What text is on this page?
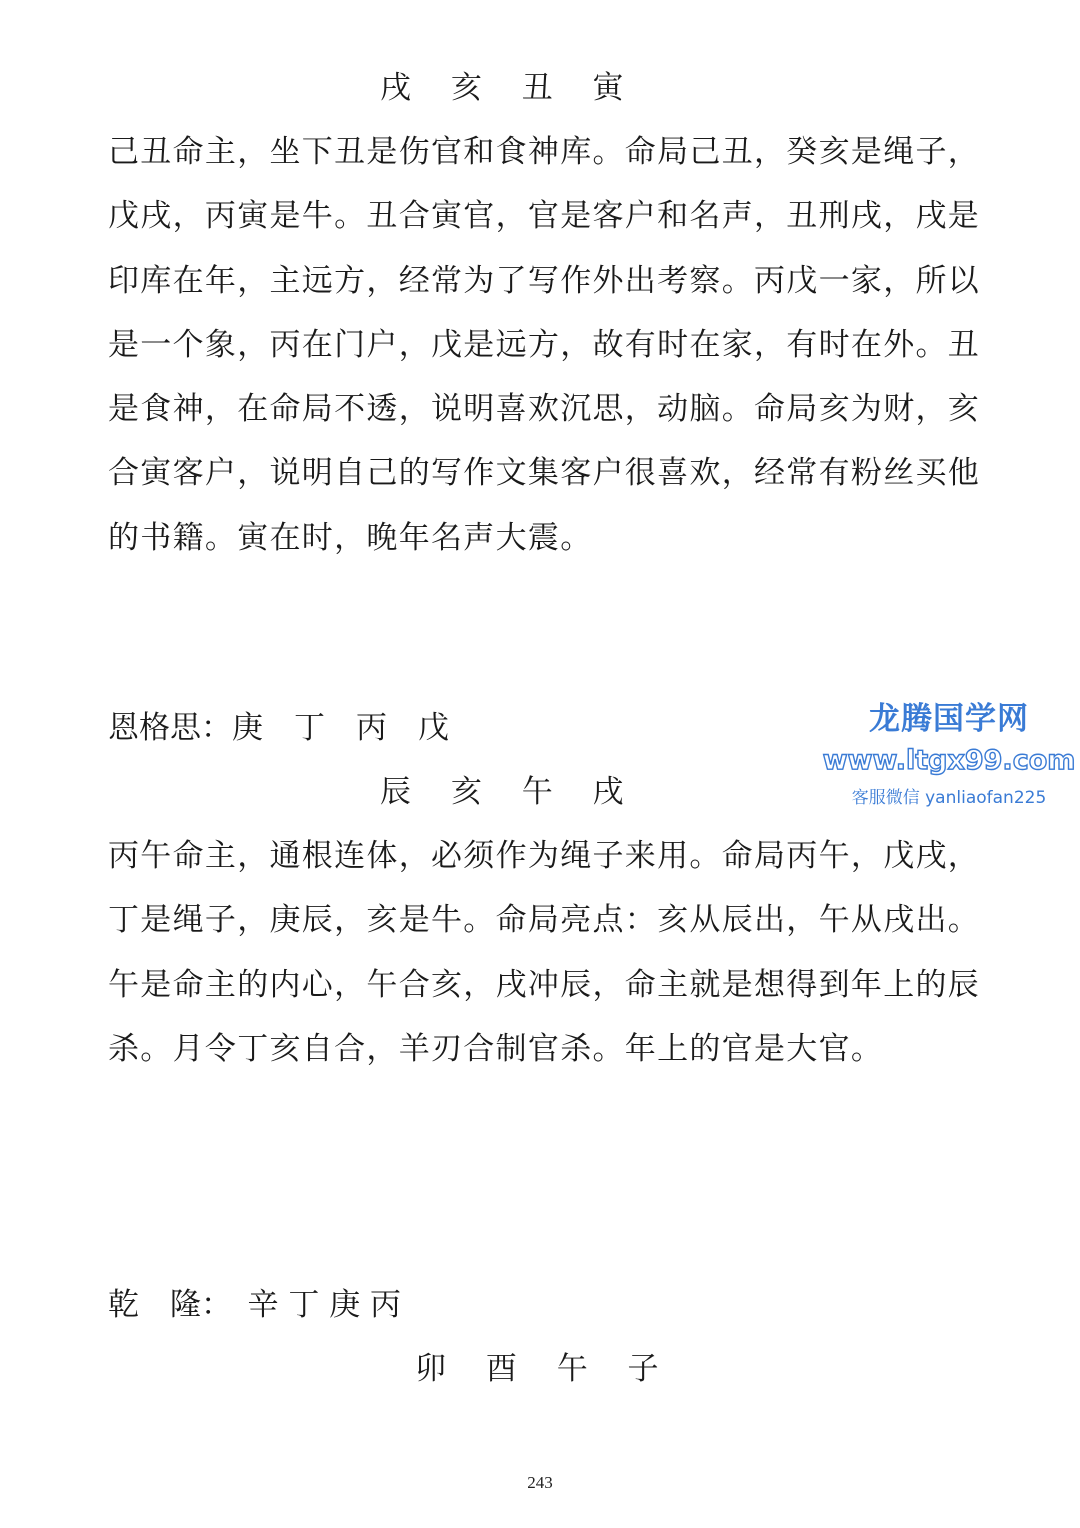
戌 亥 丑 寅

己丑命主，坐下丑是伤官和食神库。命局己丑，癸亥是绳子，戊戌，丙寅是牛。丑合寅官，官是客户和名声，丑刑戌，戌是印库在年，主远方，经常为了写作外出考察。丙戊一家，所以是一个象，丙在门户，戊是远方，故有时在家，有时在外。丑是食神，在命局不透，说明喜欢沉思，动脑。命局亥为财，亥合寅客户，说明自己的写作文集客户很喜欢，经常有粉丝买他的书籍。寅在时，晚年名声大震。

恩格思：庚　丁　丙　戊
辰 亥 午 戌

丙午命主，通根连体，必须作为绳子来用。命局丙午，戊戌，丁是绳子，庚辰，亥是牛。命局亮点：亥从辰出，午从戌出。午是命主的内心，午合亥，戌冲辰，命主就是想得到年上的辰杀。月令丁亥自合，羊刃合制官杀。年上的官是大官。

乾　隆：　辛 丁 庚 丙
卯 酉 午 子
龙腾国学网
www.ltgx99.com
客服微信 yanliaofan225
243
